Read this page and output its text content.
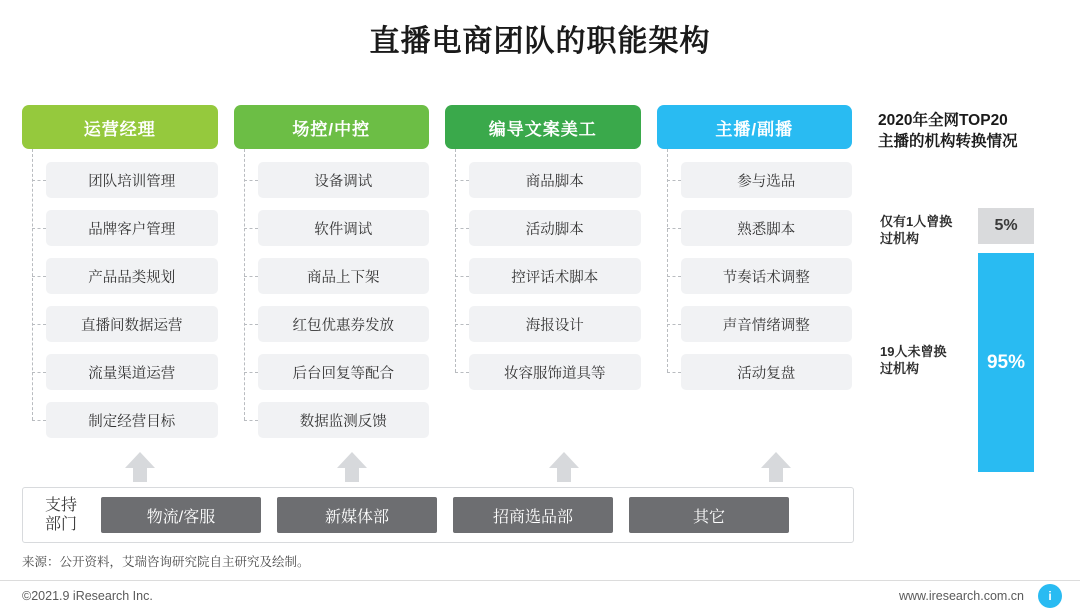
直播电商团队的职能架构
运营经理
团队培训管理
品牌客户管理
产品品类规划
直播间数据运营
流量渠道运营
制定经营目标
场控/中控
设备调试
软件调试
商品上下架
红包优惠券发放
后台回复等配合
数据监测反馈
编导文案美工
商品脚本
活动脚本
控评话术脚本
海报设计
妆容服饰道具等
主播/副播
参与选品
熟悉脚本
节奏话术调整
声音情绪调整
活动复盘
支持
部门	物流/客服	新媒体部	招商选品部	其它
2020年全网TOP20
主播的机构转换情况
仅有1人曾换
过机构
5%
19人未曾换
过机构	95%
来源：公开资料，艾瑞咨询研究院自主研究及绘制。
©2021.9 iResearch Inc.	www.iresearch.com.cn	i
